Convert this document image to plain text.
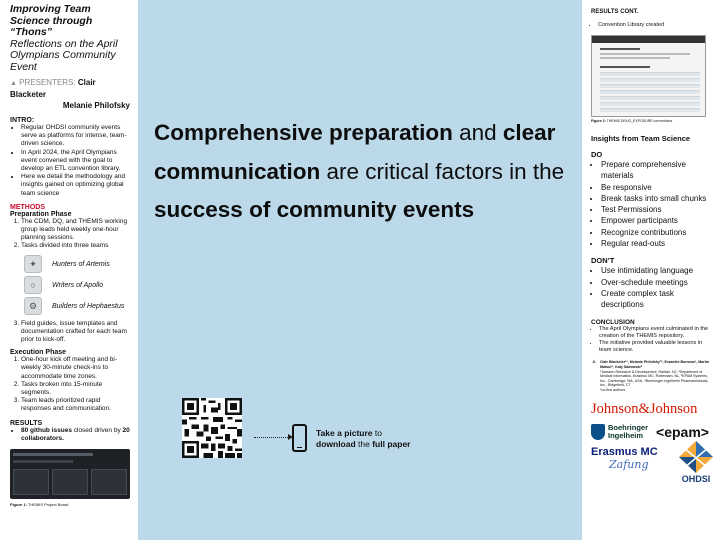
Improving Team Science through “Thons”
Reflections on the April Olympians Community Event
▲ PRESENTERS: Clair Blacketer
Melanie Philofsky
INTRO:
• Regular OHDSI community events serve as platforms for intense, team-driven science.
• In April 2024, the April Olympians event convened with the goal to develop an ETL convention library.
• Here we detail the methodology and insights gained on optimizing global team science
METHODS
Preparation Phase
1. The CDM, DQ, and THEMIS working group leads held weekly one-hour planning sessions.
2. Tasks divided into three teams
✦	Hunters of Artemis
○	Writers of Apollo
⚙	Builders of Hephaestus
3. Field guides, issue templates and documentation crafted for each team prior to kick-off.
Execution Phase
1. One-hour kick off meeting and bi-weekly 30-minute check-ins to accommodate time zones.
2. Tasks broken into 15-minute segments.
3. Team leads prioritized rapid responses and communication.
RESULTS
• 80 github issues closed driven by 20 collaborators.
Figure 1: THEMIS Project Board
Comprehensive preparation and clear communication are critical factors in the success of community events
Take a picture to
download the full paper
RESULTS CONT.
• Convention Library created
Figure 2: THEMIS DRUG_EXPOSURE conventions
Insights from Team Science
DO
• Prepare comprehensive materials
• Be responsive
• Break tasks into small chunks
• Test Permissions
• Empower participants
• Recognize contributions
• Regular read-outs
DON’T
• Use intimidating language
• Over-schedule meetings
• Create complex task descriptions
CONCLUSION
• The April Olympians event culminated in the creation of the THEMIS repository.
• The initiative provided valuable lessons in team science.
▲ Clair Blacketer¹*, Melanie Philofsky²*, Evanette Burrows³, Martin Matsui⁴, Katy Sadowski⁴
¹Janssen Research & Development, Raritan, NJ, ²Department of Medical Informatics, Erasmus MC, Rotterdam, NL, ³EPAM Systems, Inc., Cambridge, MA, USA, ⁴Boehringer Ingelheim Pharmaceuticals, Inc., Ridgefield, CT
*co-first authors
Johnson&Johnson
Boehringer
Ingelheim <epam>
Erasmus MC
Zafung
OHDSI
